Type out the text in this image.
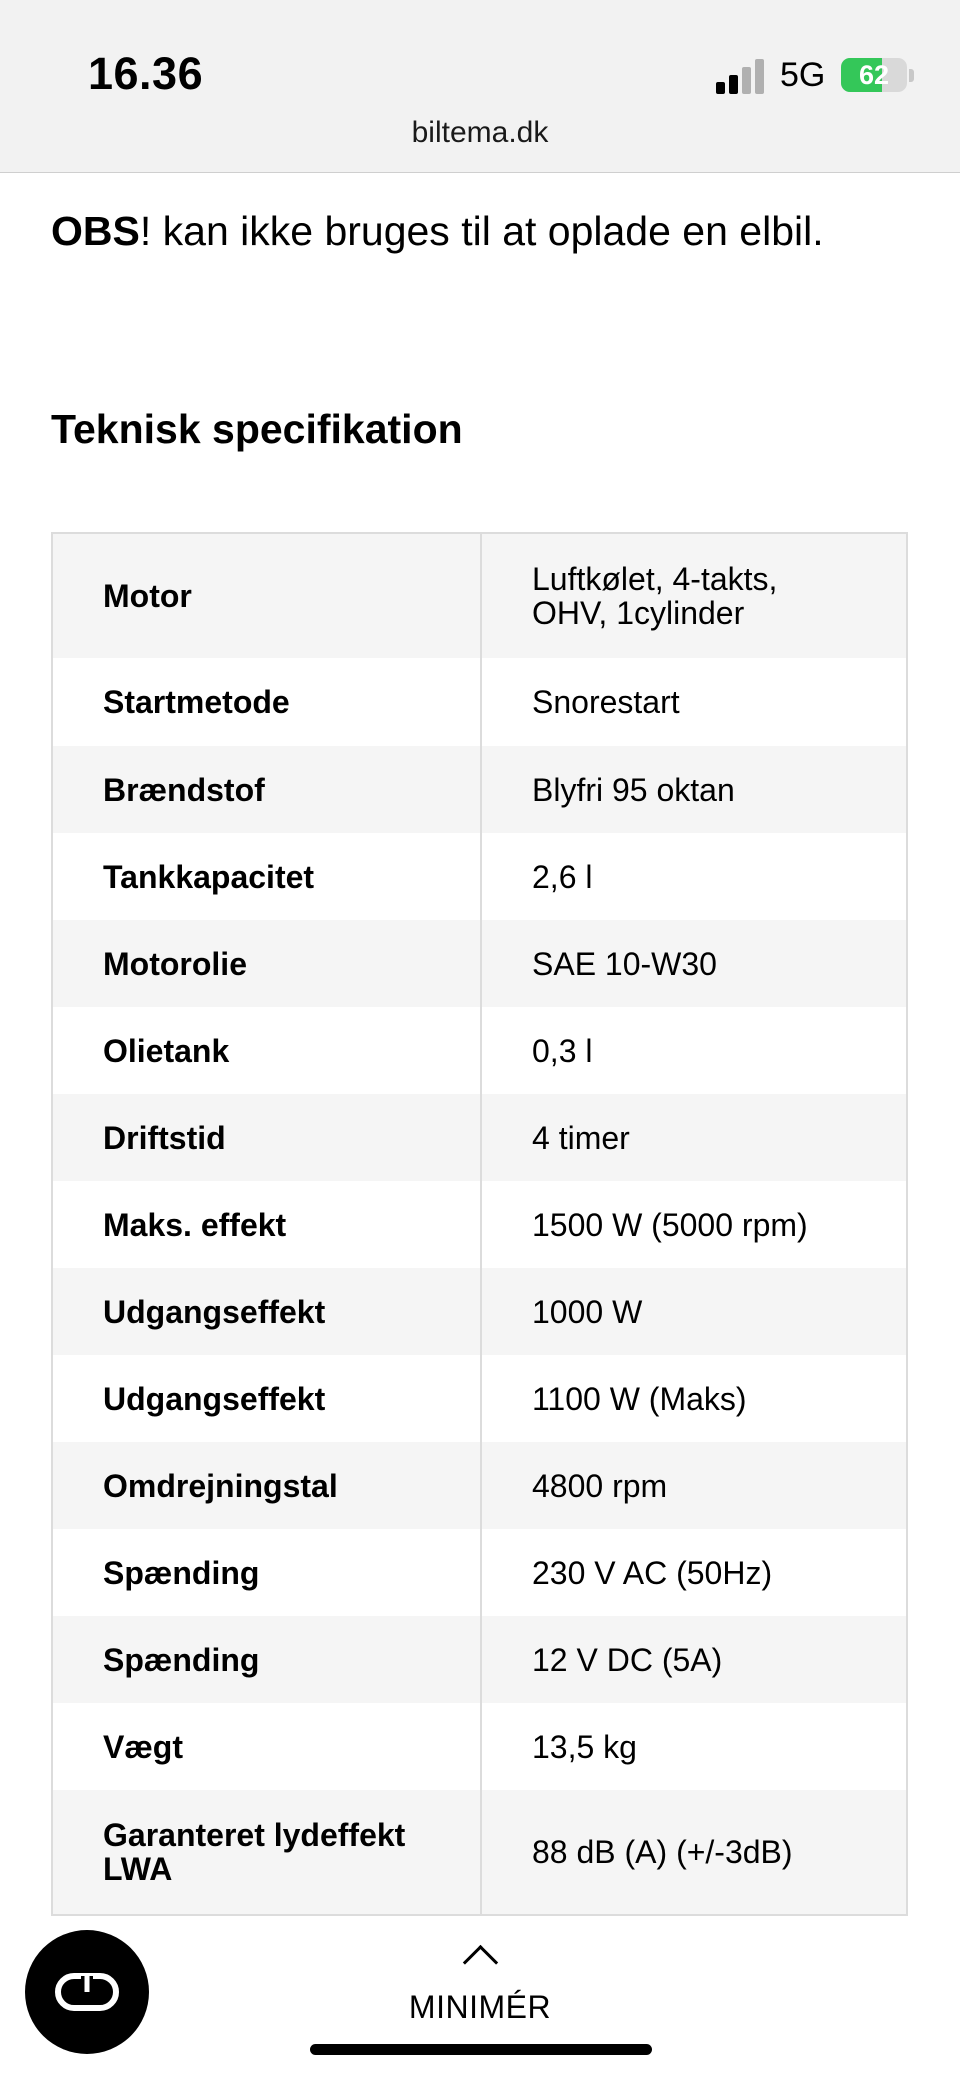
16.36	5G	62
biltema.dk
OBS! kan ikke bruges til at oplade en elbil.
Teknisk specifikation
Motor	Luftkølet, 4-takts, OHV, 1cylinder
Startmetode	Snorestart
Brændstof	Blyfri 95 oktan
Tankkapacitet	2,6 l
Motorolie	SAE 10-W30
Olietank	0,3 l
Driftstid	4 timer
Maks. effekt	1500 W (5000 rpm)
Udgangseffekt	1000 W
Udgangseffekt	1100 W (Maks)
Omdrejningstal	4800 rpm
Spænding	230 V AC (50Hz)
Spænding	12 V DC (5A)
Vægt	13,5 kg
Garanteret lydeffekt LWA	88 dB (A) (+/-3dB)
MINIMÉR
